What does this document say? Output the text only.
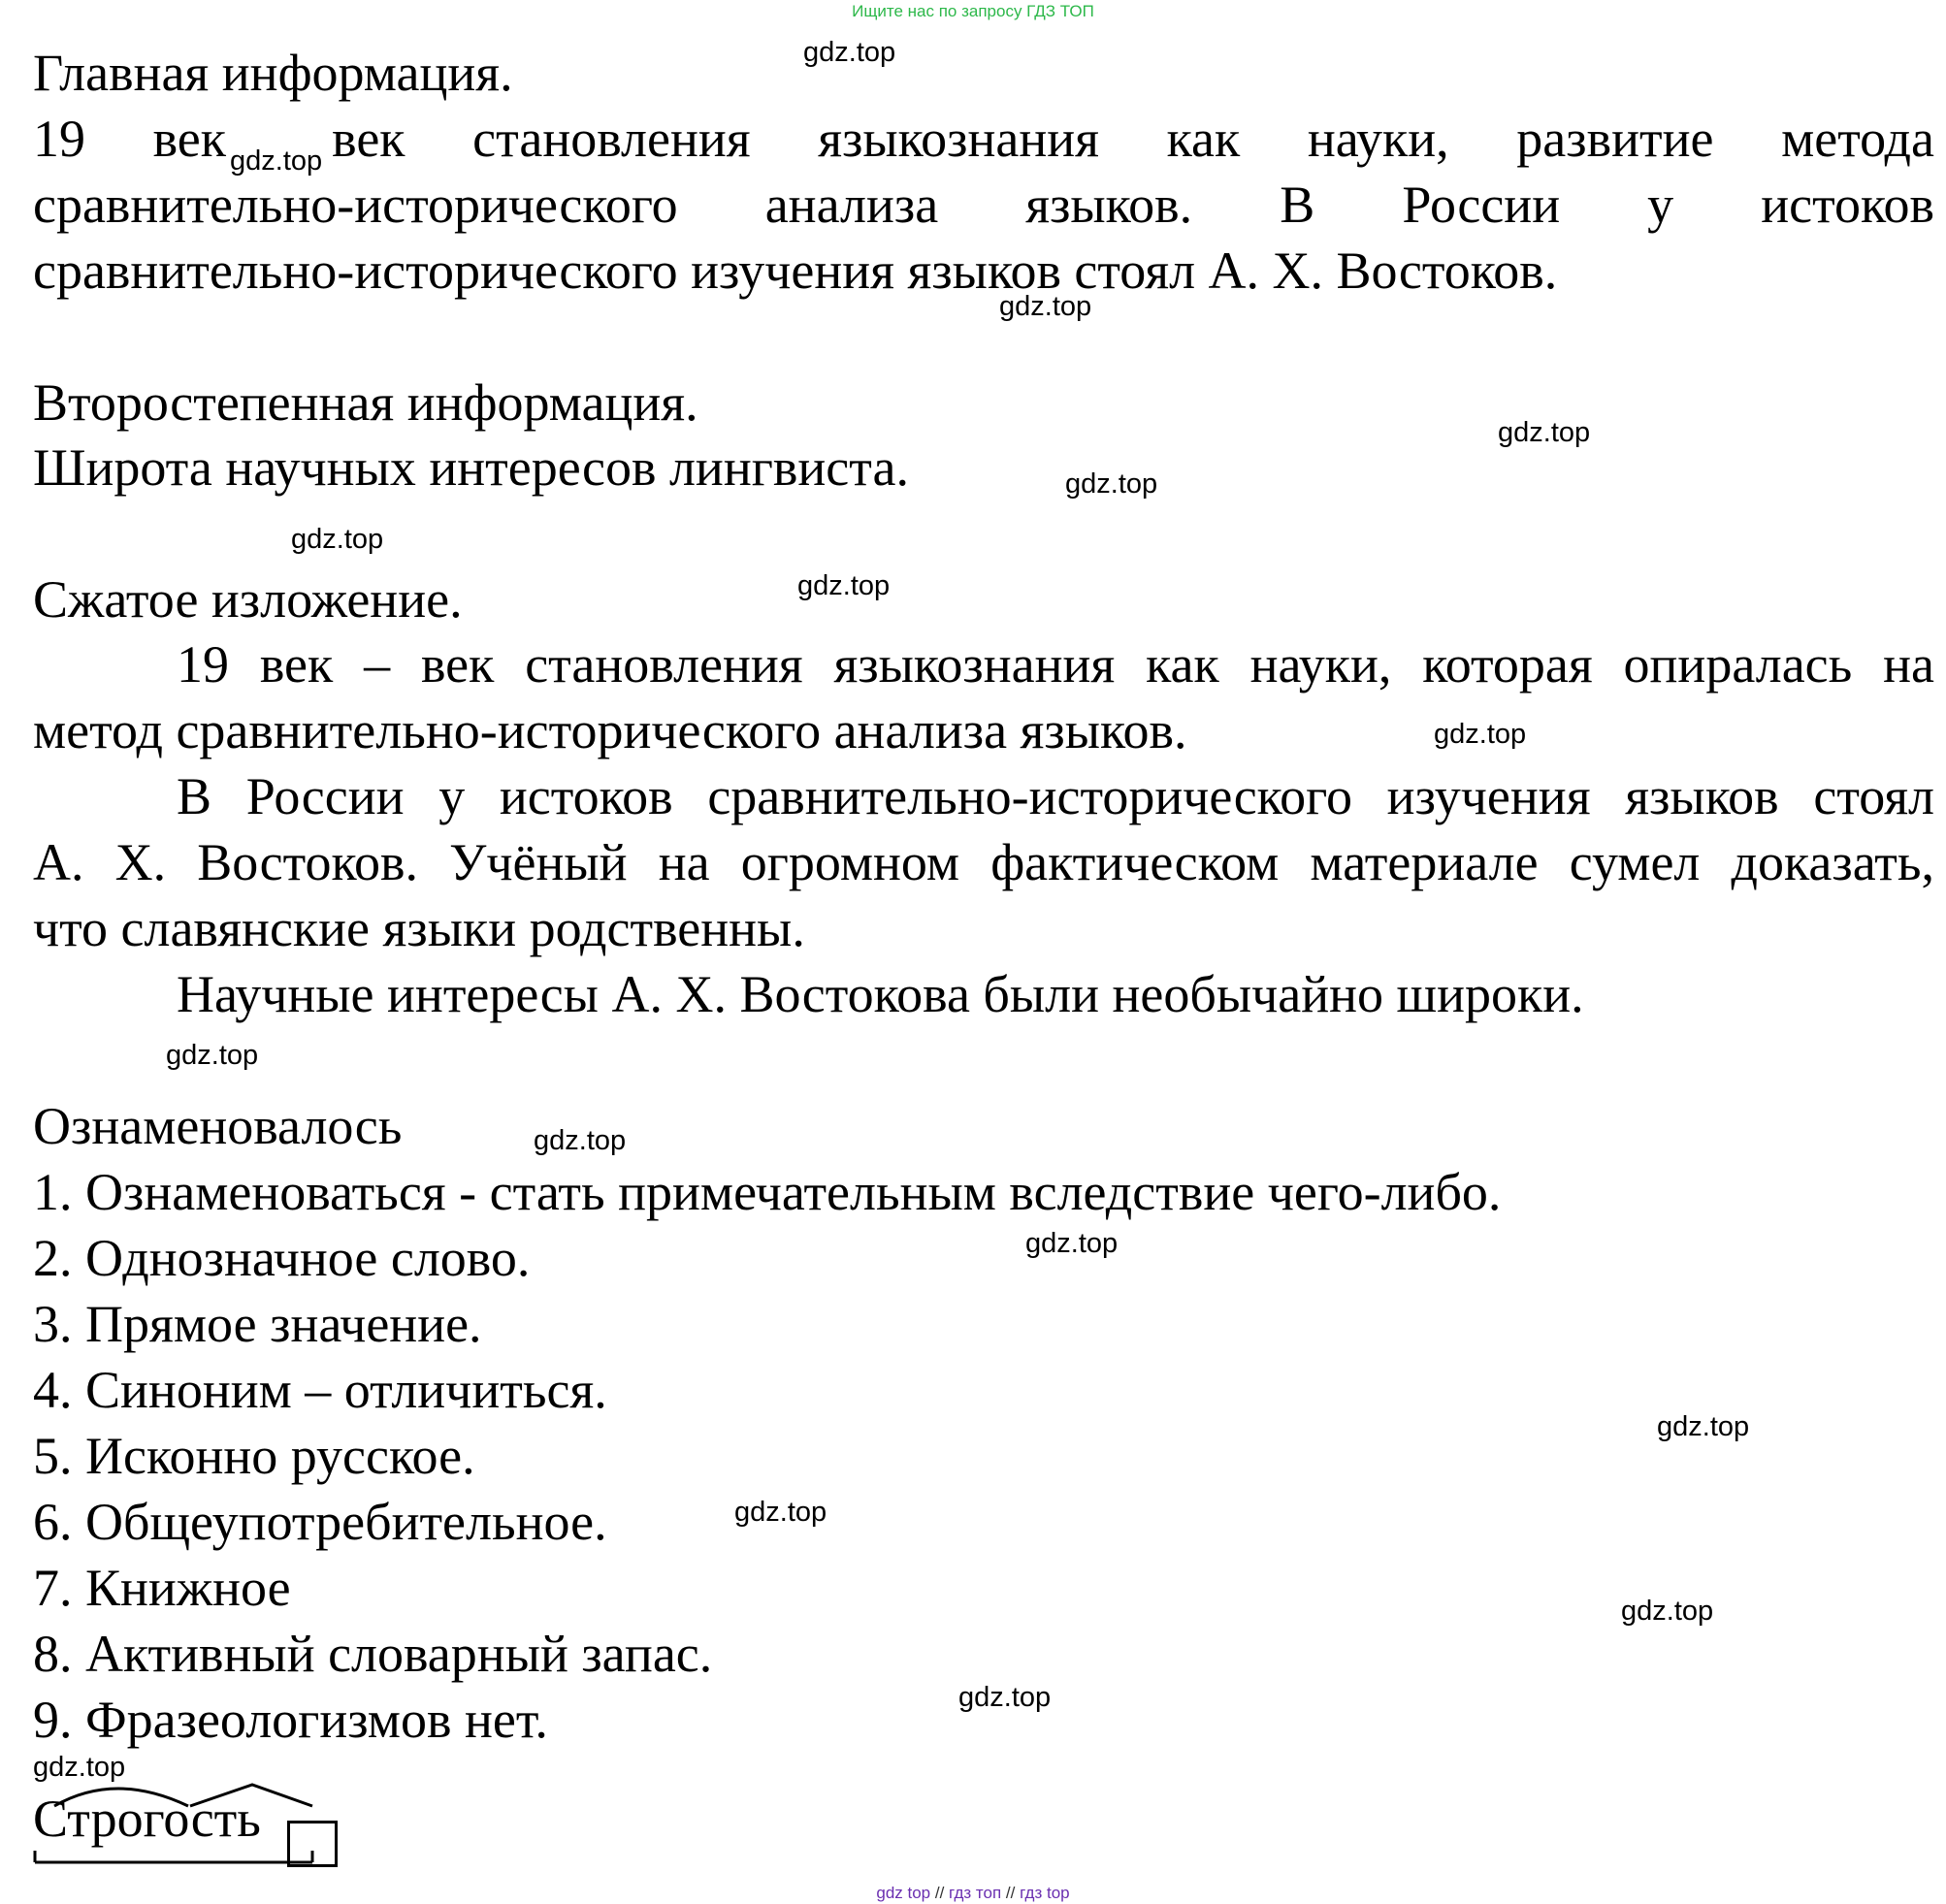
Ищите нас по запросу ГДЗ ТОП
Главная информация.
19 век $_{gdz.top}$ век становления языкознания как науки, развитие метода
сравнительно-исторического анализа языков. В России у истоков
сравнительно-исторического изучения языков стоял А. Х. Востоков.
Второстепенная информация.
Широта научных интересов лингвиста.
Сжатое изложение.
19 век – век становления языкознания как науки, которая опиралась на
метод сравнительно-исторического анализа языков.
В России у истоков сравнительно-исторического изучения языков стоял
А. Х. Востоков. Учёный на огромном фактическом материале сумел доказать,
что славянские языки родственны.
Научные интересы А. Х. Востокова были необычайно широки.
Ознаменовалось
1. Ознаменоваться - стать примечательным вследствие чего-либо.
2. Однозначное слово.
3. Прямое значение.
4. Синоним – отличиться.
5. Исконно русское.
6. Общеупотребительное.
7. Книжное
8. Активный словарный запас.
9. Фразеологизмов нет.
Строгость
gdz.top
gdz.top
gdz.top
gdz.top
gdz.top
gdz.top
gdz.top
gdz.top
gdz.top
gdz.top
gdz.top
gdz.top
gdz.top
gdz.top
gdz.top
gdz top // гдз топ // гдз top
